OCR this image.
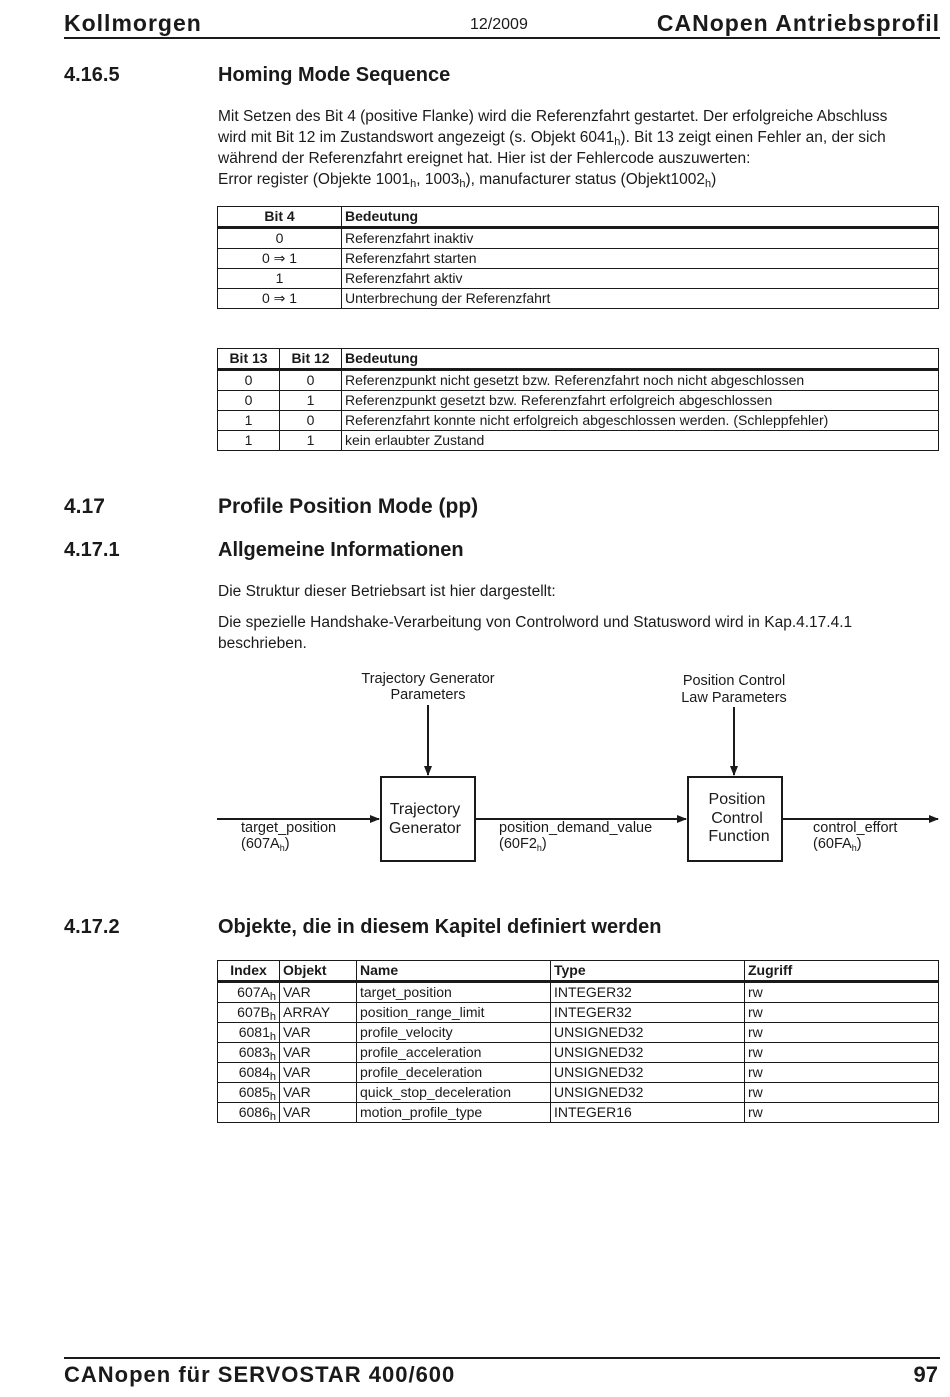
Kollmorgen	12/2009	CANopen Antriebsprofil
4.16.5	Homing Mode Sequence

Mit Setzen des Bit 4 (positive Flanke) wird die Referenzfahrt gestartet. Der erfolgreiche Abschluss

wird mit Bit 12 im Zustandswort angezeigt (s. Objekt $6041_h$). Bit 13 zeigt einen Fehler an, der sich

während der Referenzfahrt ereignet hat. Hier ist der Fehlercode auszuwerten:

Error register (Objekte $1001_h$, $1003_h$), manufacturer status $(Objekt1002_h)$

Bit 4	Bedeutung
0	Referenzfahrt inaktiv
0 ⇒ 1	Referenzfahrt starten
1	Referenzfahrt aktiv
0 ⇒ 1	Unterbrechung der Referenzfahrt
Bit 13	Bit 12	Bedeutung
0	0	Referenzpunkt nicht gesetzt bzw. Referenzfahrt noch nicht abgeschlossen
0	1	Referenzpunkt gesetzt bzw. Referenzfahrt erfolgreich abgeschlossen
1	0	Referenzfahrt konnte nicht erfolgreich abgeschlossen werden. (Schleppfehler)
1	1	kein erlaubter Zustand
4.17	Profile Position Mode (pp)
4.17.1	Allgemeine Informationen

Die Struktur dieser Betriebsart ist hier dargestellt:

Die spezielle Handshake-Verarbeitung von Controlword und Statusword wird in Kap.4.17.4.1

beschrieben.

Trajectory Generator
Parameters
Position Control
Law Parameters
Trajectory
Generator
Position
Control
Function
target_position
$(607A_h)$
position_demand_value
$(60F2_h)$
control_effort
$(60FA_h)$
4.17.2	Objekte, die in diesem Kapitel definiert werden
Index	Objekt	Name	Type	Zugriff
$607A_h$	VAR	target_position	INTEGER32	rw
$607B_h$	ARRAY	position_range_limit	INTEGER32	rw
$6081_h$	VAR	profile_velocity	UNSIGNED32	rw
$6083_h$	VAR	profile_acceleration	UNSIGNED32	rw
$6084_h$	VAR	profile_deceleration	UNSIGNED32	rw
$6085_h$	VAR	quick_stop_deceleration	UNSIGNED32	rw
$6086_h$	VAR	motion_profile_type	INTEGER16	rw
CANopen für SERVOSTAR 400/600	97
